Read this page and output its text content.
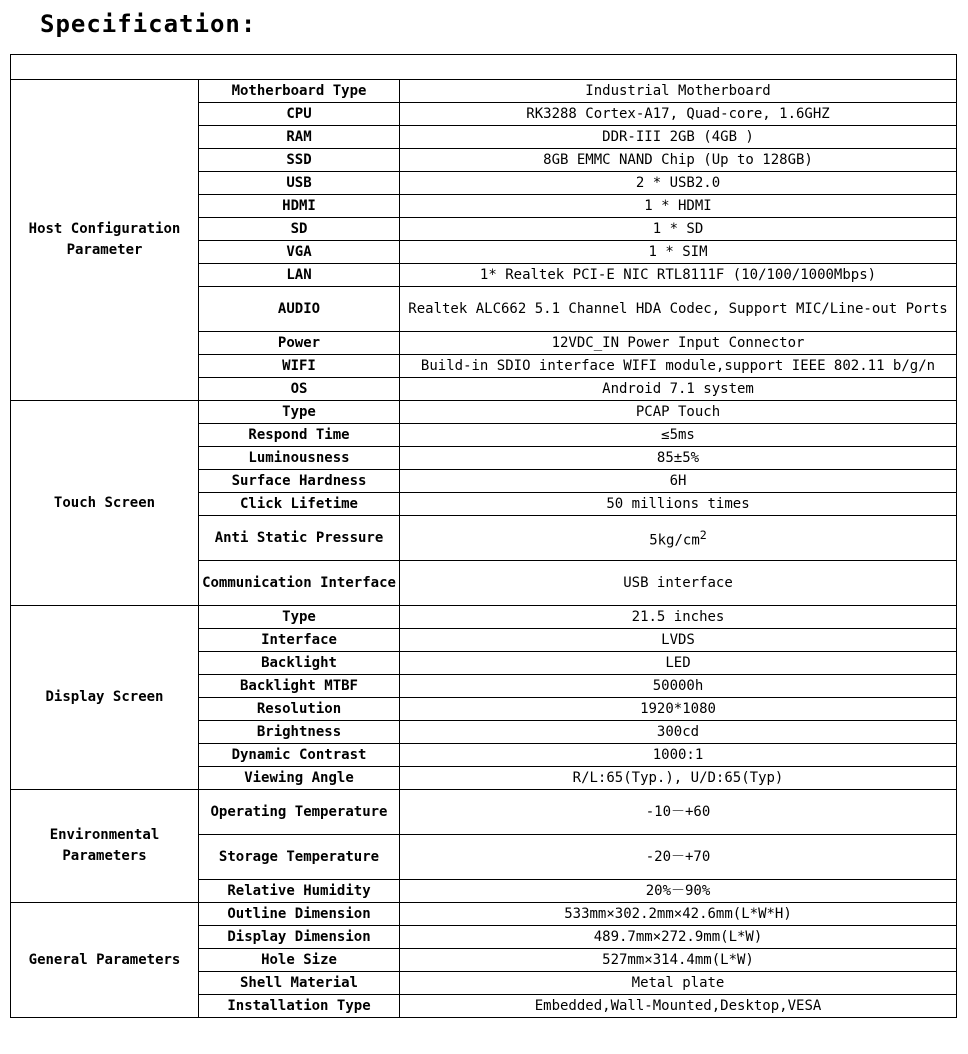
Specification:

Host Configuration Parameter	Motherboard Type	Industrial Motherboard
	CPU	RK3288 Cortex-A17, Quad-core, 1.6GHZ
	RAM	DDR-III 2GB (4GB )
	SSD	8GB EMMC NAND Chip (Up to 128GB)
	USB	2 * USB2.0
	HDMI	1 * HDMI
	SD	1 * SD
	VGA	1 * SIM
	LAN	1* Realtek PCI-E NIC RTL8111F (10/100/1000Mbps)
	AUDIO	Realtek ALC662 5.1 Channel HDA Codec, Support MIC/Line-out Ports
	Power	12VDC_IN Power Input Connector
	WIFI	Build-in SDIO interface WIFI module,support IEEE 802.11 b/g/n
	OS	Android 7.1 system
Touch Screen	Type	PCAP Touch
	Respond Time	≤5ms
	Luminousness	85±5%
	Surface Hardness	6H
	Click Lifetime	50 millions times
	Anti Static Pressure	$5kg/cm^2$
	Communication Interface	USB interface
Display Screen	Type	21.5 inches
	Interface	LVDS
	Backlight	LED
	Backlight MTBF	50000h
	Resolution	1920*1080
	Brightness	300cd
	Dynamic Contrast	1000:1
	Viewing Angle	R/L:65(Typ.), U/D:65(Typ)
Environmental Parameters	Operating Temperature	-10－+60
	Storage Temperature	-20－+70
	Relative Humidity	20%－90%
General Parameters	Outline Dimension	533mm×302.2mm×42.6mm(L*W*H)
	Display Dimension	489.7mm×272.9mm(L*W)
	Hole Size	527mm×314.4mm(L*W)
	Shell Material	Metal plate
	Installation Type	Embedded,Wall-Mounted,Desktop,VESA
